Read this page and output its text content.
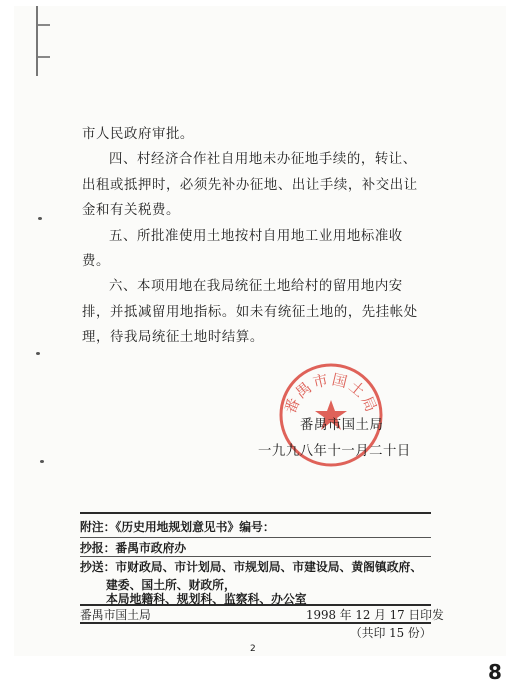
市人民政府审批。

四、村经济合作社自用地未办征地手续的，转让、出租或抵押时，必须先补办征地、出让手续，补交出让金和有关税费。

五、所批准使用土地按村自用地工业用地标准收费。

六、本项用地在我局统征土地给村的留用地内安排，并抵减留用地指标。如未有统征土地的，先挂帐处理，待我局统征土地时结算。

番禺市国土局
番禺市国土局
一九九八年十一月二十日
附注：《历史用地规划意见书》编号：
抄报：番禺市政府办
抄送：市财政局、市计划局、市规划局、市建设局、黄阁镇政府、
建委、国土所、财政所，
本局地籍科、规划科、监察科、办公室
番禺市国土局	1998 年 12 月 17 日印发
（共印 15 份）
2
8
